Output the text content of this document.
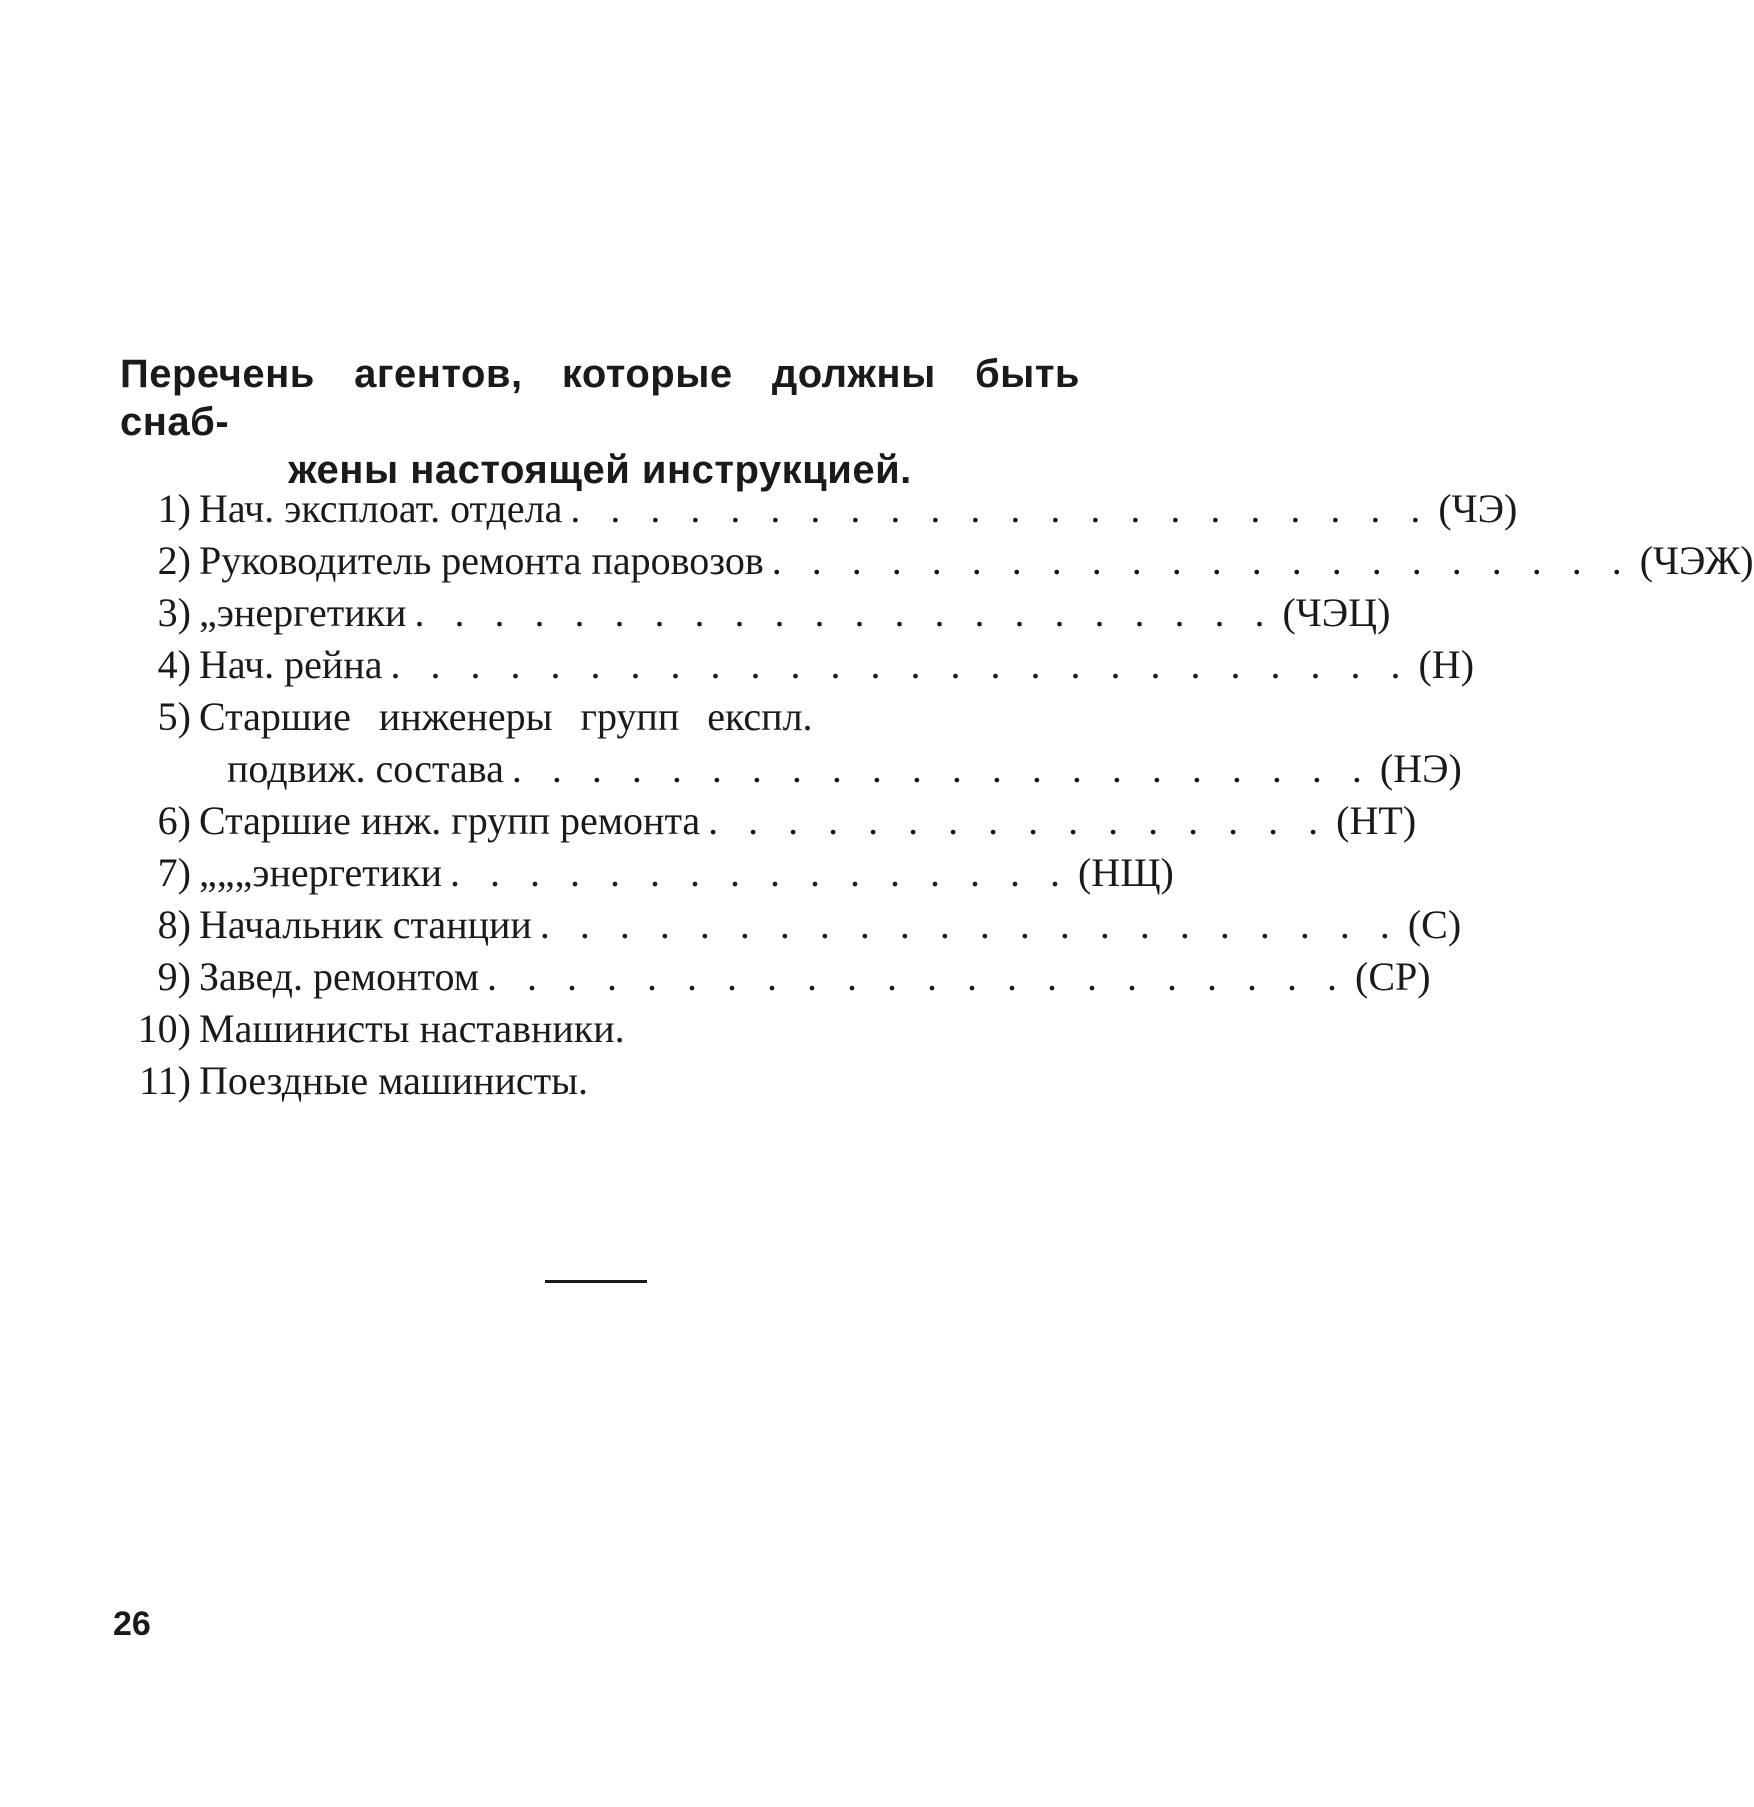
Перечень агентов, которые должны быть снаб-
жены настоящей инструкцией.
1) Нач. эксплоат. отдела . . . . . . . . . . . . . . . . . . . . . . (ЧЭ)
2) Руководитель ремонта паровозов . . . . . . . . . . . . . . . . . . . . . . (ЧЭЖ)
3) „ энергетики . . . . . . . . . . . . . . . . . . . . . . (ЧЭЦ)
4) Нач. рейна . . . . . . . . . . . . . . . . . . . . . . . . . . (Н)
5) Старшие инженеры групп експл.
подвиж. состава . . . . . . . . . . . . . . . . . . . . . . (НЭ)
6) Старшие инж. групп ремонта . . . . . . . . . . . . . . . . (НТ)
7) „ „ „ энергетики . . . . . . . . . . . . . . . . (НЩ)
8) Начальник станции . . . . . . . . . . . . . . . . . . . . . . (С)
9) Завед. ремонтом . . . . . . . . . . . . . . . . . . . . . . (СР)
10) Машинисты наставники.
11) Поездные машинисты.
26
